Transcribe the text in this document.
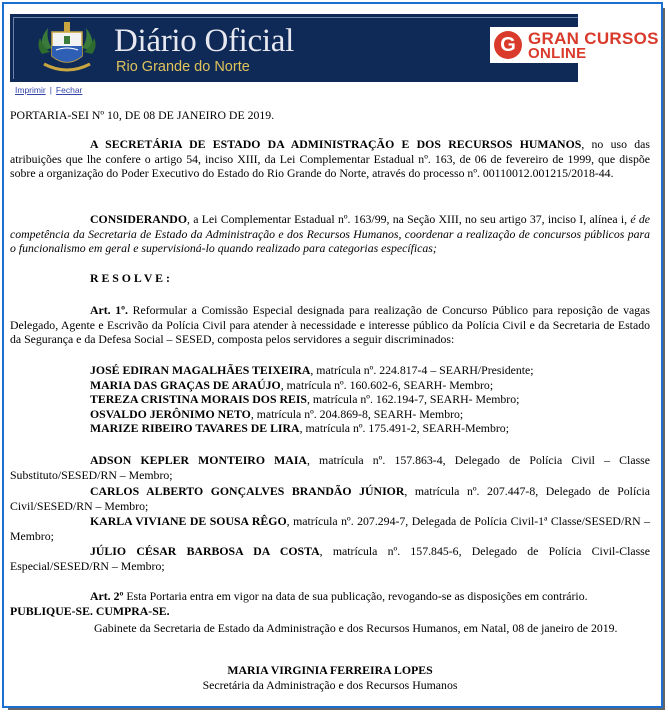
Diário Oficial
Rio Grande do Norte
G GRAN CURSOS
ONLINE
Imprimir | Fechar
PORTARIA-SEI Nº 10, DE 08 DE JANEIRO DE 2019.
A SECRETÁRIA DE ESTADO DA ADMINISTRAÇÃO E DOS RECURSOS HUMANOS, no uso das atribuições que lhe confere o artigo 54, inciso XIII, da Lei Complementar Estadual nº. 163, de 06 de fevereiro de 1999, que dispõe sobre a organização do Poder Executivo do Estado do Rio Grande do Norte, através do processo nº. 00110012.001215/2018-44.
CONSIDERANDO, a Lei Complementar Estadual nº. 163/99, na Seção XIII, no seu artigo 37, inciso I, alínea i, é de competência da Secretaria de Estado da Administração e dos Recursos Humanos, coordenar a realização de concursos públicos para o funcionalismo em geral e supervisioná-lo quando realizado para categorias específicas;
R E S O L V E :
Art. 1º. Reformular a Comissão Especial designada para realização de Concurso Público para reposição de vagas Delegado, Agente e Escrivão da Polícia Civil para atender à necessidade e interesse público da Polícia Civil e da Secretaria de Estado da Segurança e da Defesa Social – SESED, composta pelos servidores a seguir discriminados:
JOSÉ EDIRAN MAGALHÃES TEIXEIRA, matrícula nº. 224.817-4 – SEARH/Presidente;
MARIA DAS GRAÇAS DE ARAÚJO, matrícula nº. 160.602-6, SEARH- Membro;
TEREZA CRISTINA MORAIS DOS REIS, matrícula nº. 162.194-7, SEARH- Membro;
OSVALDO JERÔNIMO NETO, matrícula nº. 204.869-8, SEARH- Membro;
MARIZE RIBEIRO TAVARES DE LIRA, matrícula nº. 175.491-2, SEARH-Membro;
ADSON KEPLER MONTEIRO MAIA, matrícula nº. 157.863-4, Delegado de Polícia Civil – Classe Substituto/SESED/RN – Membro;
CARLOS ALBERTO GONÇALVES BRANDÃO JÚNIOR, matrícula nº. 207.447-8, Delegado de Polícia Civil/SESED/RN – Membro;
KARLA VIVIANE DE SOUSA RÊGO, matrícula nº. 207.294-7, Delegada de Polícia Civil-1ª Classe/SESED/RN – Membro;
JÚLIO CÉSAR BARBOSA DA COSTA, matrícula nº. 157.845-6, Delegado de Polícia Civil-Classe Especial/SESED/RN – Membro;
Art. 2º Esta Portaria entra em vigor na data de sua publicação, revogando-se as disposições em contrário.
PUBLIQUE-SE. CUMPRA-SE.
Gabinete da Secretaria de Estado da Administração e dos Recursos Humanos, em Natal, 08 de janeiro de 2019.
MARIA VIRGINIA FERREIRA LOPES
Secretária da Administração e dos Recursos Humanos
